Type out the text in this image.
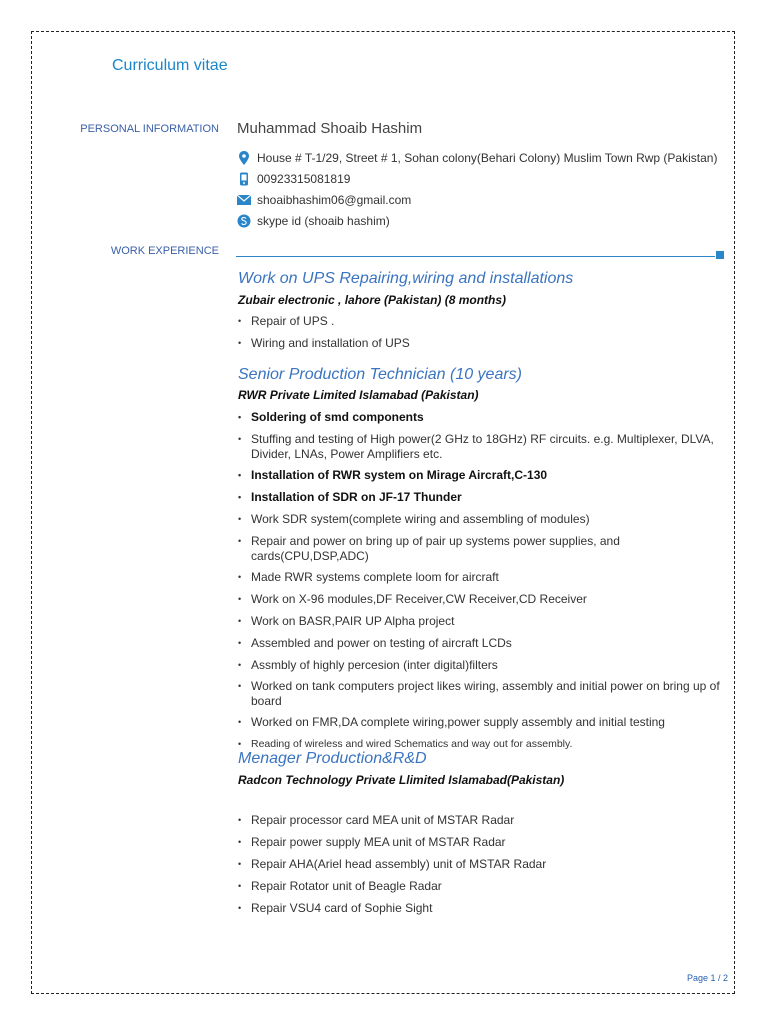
Curriculum vitae
PERSONAL INFORMATION Muhammad Shoaib Hashim
House # T-1/29, Street # 1, Sohan colony(Behari Colony) Muslim Town Rwp (Pakistan)
00923315081819
shoaibhashim06@gmail.com
skype id (shoaib hashim)
WORK EXPERIENCE
Work on UPS Repairing,wiring and installations
Zubair electronic , lahore (Pakistan) (8 months)
• Repair of UPS .
• Wiring and installation of UPS
Senior Production Technician (10 years)
RWR Private Limited Islamabad (Pakistan)
• Soldering of smd components
• Stuffing and testing of High power(2 GHz to 18GHz) RF circuits. e.g. Multiplexer, DLVA, Divider, LNAs, Power Amplifiers etc.
• Installation of RWR system on Mirage Aircraft,C-130
• Installation of SDR on JF-17 Thunder
• Work SDR system(complete wiring and assembling of modules)
• Repair and power on bring up of pair up systems power supplies, and cards(CPU,DSP,ADC)
• Made RWR systems complete loom for aircraft
• Work on X-96 modules,DF Receiver,CW Receiver,CD Receiver
• Work on BASR,PAIR UP Alpha project
• Assembled and power on testing of aircraft LCDs
• Assmbly of highly percesion (inter digital)filters
• Worked on tank computers project likes wiring, assembly and initial power on bring up of board
• Worked on FMR,DA complete wiring,power supply assembly and initial testing
• Reading of wireless and wired Schematics and way out for assembly.
Menager Production&R&D
Radcon Technology Private Llimited Islamabad(Pakistan)
• Repair processor card MEA unit of MSTAR Radar
• Repair power supply MEA unit of MSTAR Radar
• Repair AHA(Ariel head assembly) unit of MSTAR Radar
• Repair Rotator unit of Beagle Radar
• Repair VSU4 card of Sophie Sight
Page 1 / 2
